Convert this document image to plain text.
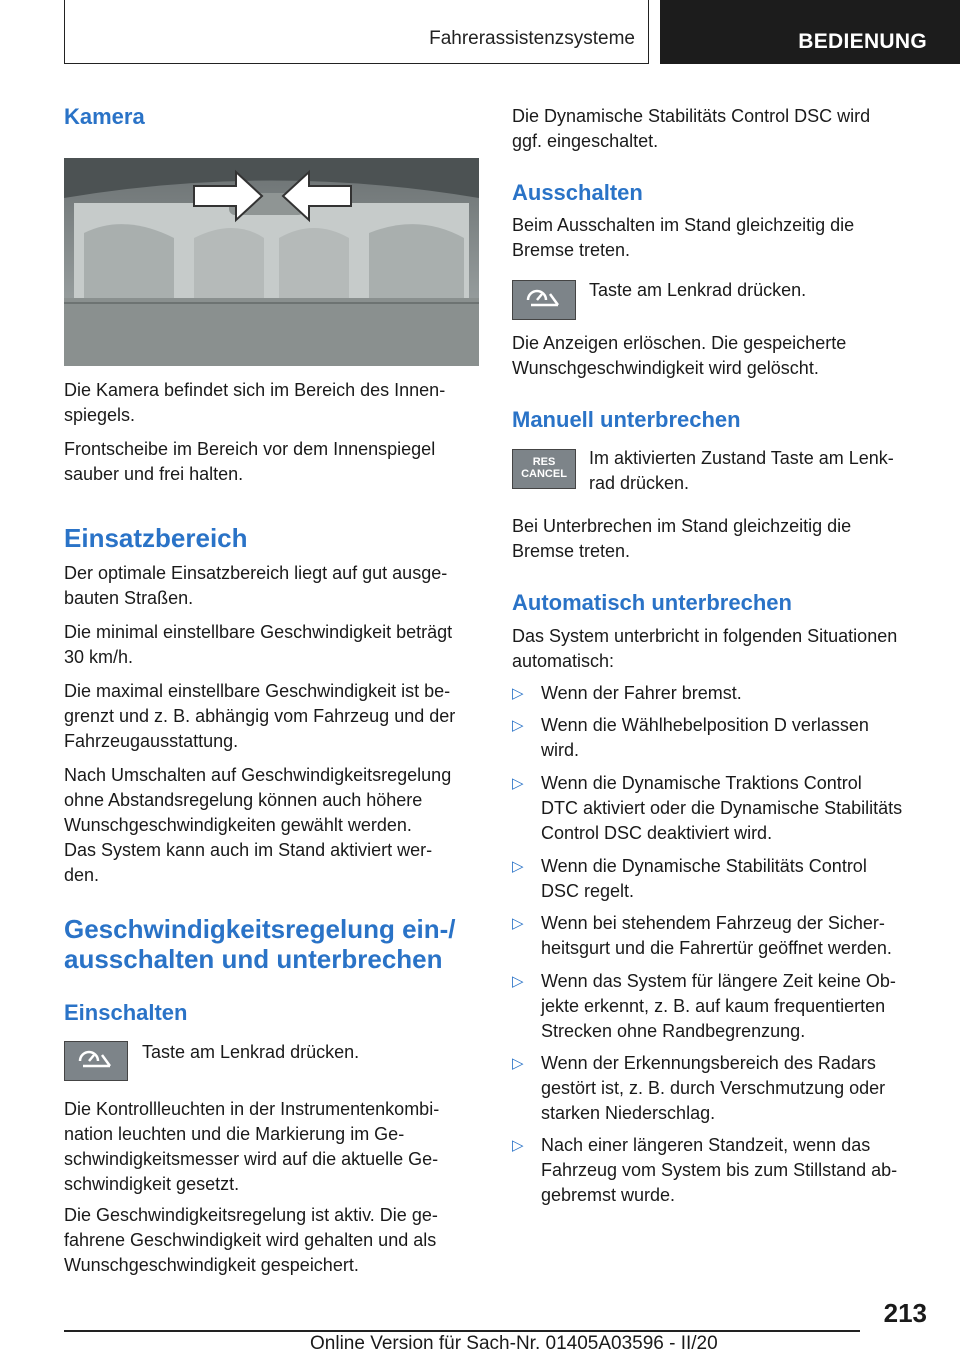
Fahrerassistenzsysteme	BEDIENUNG
Kamera

Die Kamera befindet sich im Bereich des Innen-
spiegels.

Frontscheibe im Bereich vor dem Innenspiegel
sauber und frei halten.

Einsatzbereich

Der optimale Einsatzbereich liegt auf gut ausge-
bauten Straßen.

Die minimal einstellbare Geschwindigkeit beträgt
30 km/h.

Die maximal einstellbare Geschwindigkeit ist be-
grenzt und z. B. abhängig vom Fahrzeug und der
Fahrzeugausstattung.

Nach Umschalten auf Geschwindigkeitsregelung
ohne Abstandsregelung können auch höhere
Wunschgeschwindigkeiten gewählt werden.

Das System kann auch im Stand aktiviert wer-
den.

Geschwindigkeitsregelung ein-/
ausschalten und unterbrechen
Einschalten

Taste am Lenkrad drücken.

Die Kontrollleuchten in der Instrumentenkombi-
nation leuchten und die Markierung im Ge-
schwindigkeitsmesser wird auf die aktuelle Ge-
schwindigkeit gesetzt.

Die Geschwindigkeitsregelung ist aktiv. Die ge-
fahrene Geschwindigkeit wird gehalten und als
Wunschgeschwindigkeit gespeichert.

Die Dynamische Stabilitäts Control DSC wird
ggf. eingeschaltet.

Ausschalten

Beim Ausschalten im Stand gleichzeitig die
Bremse treten.

Taste am Lenkrad drücken.

Die Anzeigen erlöschen. Die gespeicherte
Wunschgeschwindigkeit wird gelöscht.

Manuell unterbrechen
RES
CANCEL

Im aktivierten Zustand Taste am Lenk-
rad drücken.

Bei Unterbrechen im Stand gleichzeitig die
Bremse treten.

Automatisch unterbrechen

Das System unterbricht in folgenden Situationen
automatisch:

▷ Wenn der Fahrer bremst.
▷ Wenn die Wählhebelposition D verlassen
wird.
▷ Wenn die Dynamische Traktions Control
DTC aktiviert oder die Dynamische Stabilitäts
Control DSC deaktiviert wird.
▷ Wenn die Dynamische Stabilitäts Control
DSC regelt.
▷ Wenn bei stehendem Fahrzeug der Sicher-
heitsgurt und die Fahrertür geöffnet werden.
▷ Wenn das System für längere Zeit keine Ob-
jekte erkennt, z. B. auf kaum frequentierten
Strecken ohne Randbegrenzung.
▷ Wenn der Erkennungsbereich des Radars
gestört ist, z. B. durch Verschmutzung oder
starken Niederschlag.
▷ Nach einer längeren Standzeit, wenn das
Fahrzeug vom System bis zum Stillstand ab-
gebremst wurde.
213
Online Version für Sach-Nr. 01405A03596 - II/20
